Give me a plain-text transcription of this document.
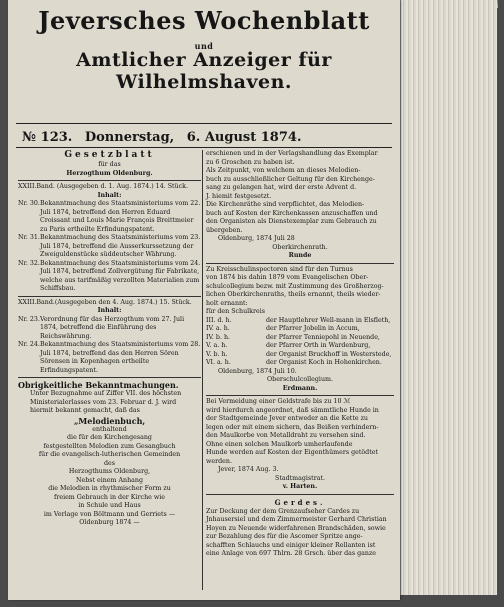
Jeversches Wochenblatt
und
Amtlicher Anzeiger für Wilhelmshaven.
№ 123. Donnerstag, 6. August 1874.
Gesetzblatt
für das
Herzogthum Oldenburg.
XXIII.Band. (Ausgegeben d. 1. Aug. 1874.) 14. Stück.
Inhalt:
Nr. 30. Bekanntmachung des Staatsministeriums vom 22. Juli 1874, betreffend den Herren Eduard Croissant und Louis Marie François Breittmeier zu Paris ertheilte Erfindungspatent.
Nr. 31. Bekanntmachung des Staatsministeriums vom 23. Juli 1874, betreffend die Ausserkurssetzung der Zweiguldenstücke süddeutscher Währung.
Nr. 32. Bekanntmachung des Staatsministeriums vom 24. Juli 1874, betreffend Zollvergütung für Fabrikate, welche aus tarifmäßig verzollten Materialien zum Schiffsbau.
XXIII.Band.(Ausgegeben den 4. Aug. 1874.) 15. Stück.
Inhalt:
Nr. 23. Verordnung für das Herzogthum vom 27. Juli 1874, betreffend die Einführung des Reichswährung.
Nr. 24. Bekanntmachung des Staatsministeriums vom 28. Juli 1874, betreffend das den Herren Sören Sörensen in Kopenhagen ertheilte Erfindungspatent.
Obrigkeitliche Bekanntmachungen.

Unter Bezugnahme auf Ziffer VII. des höchsten Ministerialerlasses vom 23. Februar d. J. wird hiermit bekannt gemacht, daß das

„Melodienbuch,
enthaltend
die für den Kirchengesang
festgestellten Melodien zum Gesangbuch
für die evangelisch-lutherischen Gemeinden
des
Herzogthums Oldenburg,
Nebst einem Anhang
die Melodien in rhythmischer Form zu
freiem Gebrauch in der Kirche wie
in Schule und Haus
im Verlage von Böltmann und Gerriets —
Oldenburg 1874 —
erschienen und in der Verlagshandlung das Exemplar
zu 6 Groschen zu haben ist.
Als Zeitpunkt, von welchem an dieses Melodien-
buch zu ausschließlicher Geltung für den Kirchenge-
sang zu gelangen hat, wird der erste Advent d.
J. hiemit festgesetzt.
Die Kirchenräthe sind verpflichtet, das Melodien-
buch auf Kosten der Kirchenkassen anzuschaffen und
den Organisten als Dienstexemplar zum Gebrauch zu
übergeben.
Oldenburg, 1874 Juli 28
Oberkirchenrath.
Runde
Zu Kreisschulinspectoren sind für den Turnus
von 1874 bis dahin 1879 vom Evangelischen Ober-
schulcollegium bezw. mit Zustimmung des Großherzog-
lichen Oberkirchenraths, theils ernannt, theils wieder-
holt ernannt:
für den Schulkreis
III. d. h.	der Hauptlehrer Well-mann in Elsfleth,
IV. a. h.	der Pfarrer Jobelin in Accum,
IV. b. h.	der Pfarrer Tenniepohl in Neuende,
V. a. h.	der Pfarrer Orth in Wardenburg,
V. b. h.	der Organist Bruckhoff in Westerstede,
VI. a. h.	der Organist Koch in Hohenkirchen.
Oldenburg, 1874 Juli 10.
Oberschulcollegium.
Erdmann.
Bei Vermeidung einer Geldstrafe bis zu 10 ℳ
wird hierdurch angeordnet, daß sämmtliche Hunde in
der Stadtgemeinde Jever entweder an die Kette zu
legen oder mit einem sichern, das Beißen verhindern-
den Maulkorbe von Metalldraht zu versehen sind.
Ohne einen solchen Maulkorb umherlaufende
Hunde werden auf Kosten der Eigenthümers getödtet
werden.
Jever, 1874 Aug. 3.
Stadtmagistrat.
v. Harten.
Gerdes.
Zur Deckung der dem Grenzaufseher Cardes zu
Jnhausersiel und dem Zimmermeister Gerhard Christian
Hoyen zu Neuende widerfahrenen Brandschäden, sowie
zur Bezahlung des für die Ascomer Spritze ange-
schafften Schlauchs und einiger kleiner Rellanten ist
eine Anlage von 697 Thlrn. 28 Grsch. über das ganze
